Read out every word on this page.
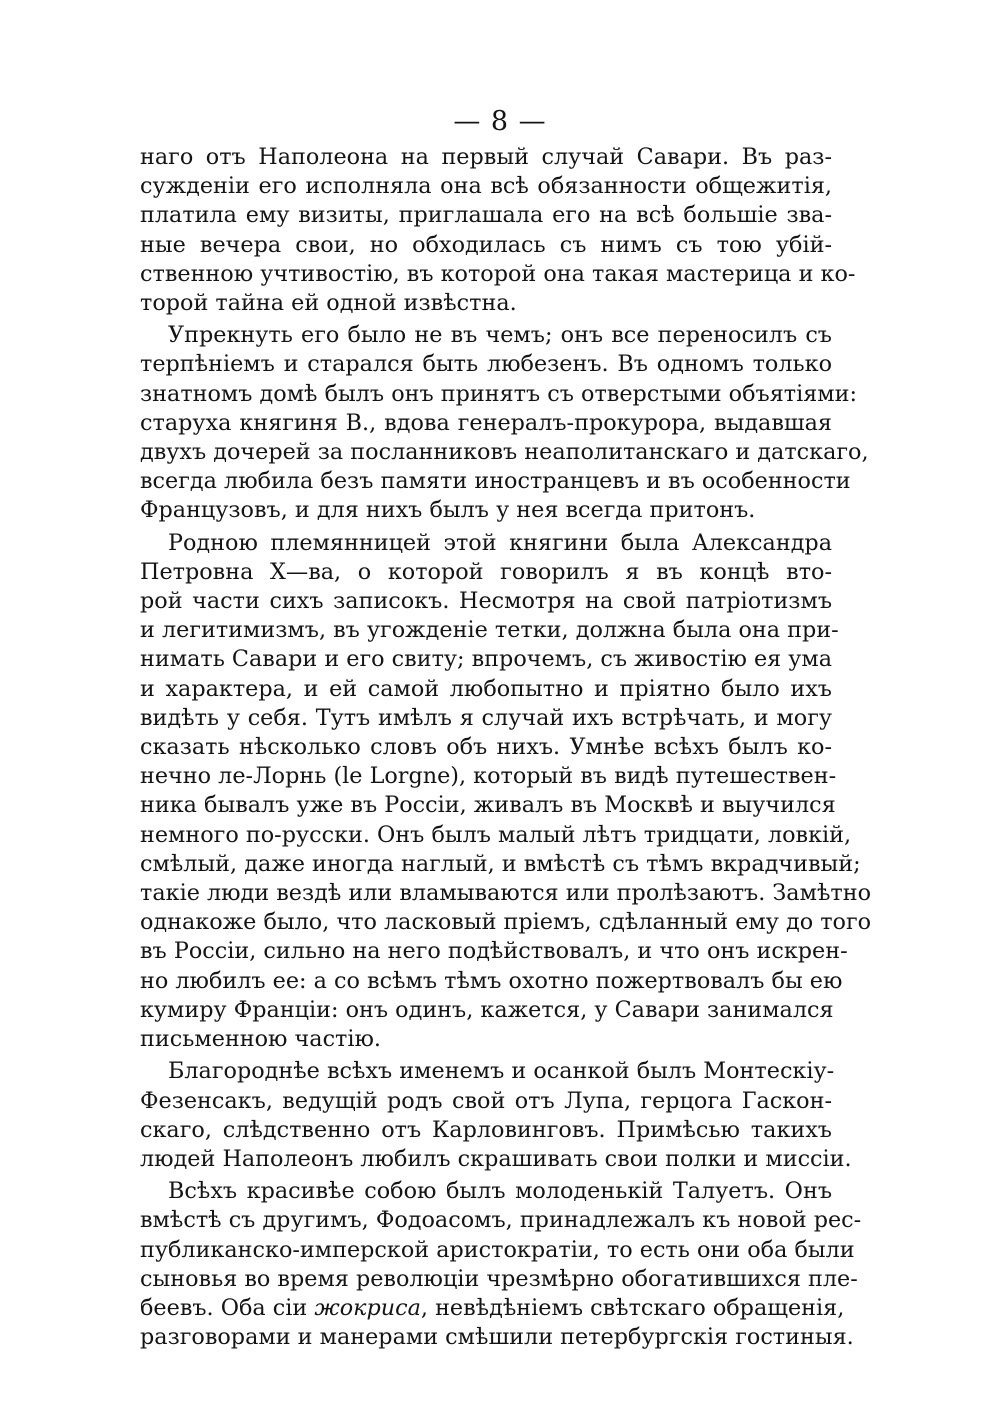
— 8 —

наго отъ Наполеона на первый случай Савари. Въ раз-
сужденіи его исполняла она всѣ обязанности общежитія,
платила ему визиты, приглашала его на всѣ большіе зва-
ные вечера свои, но обходилась съ нимъ съ тою убій-
ственною учтивостію, въ которой она такая мастерица и ко-
торой тайна ей одной извѣстна.

Упрекнуть его было не въ чемъ; онъ все переносилъ съ
терпѣніемъ и старался быть любезенъ. Въ одномъ только
знатномъ домѣ былъ онъ принятъ съ отверстыми объятіями:
старуха княгиня В., вдова генералъ-прокурора, выдавшая
двухъ дочерей за посланниковъ неаполитанскаго и датскаго,
всегда любила безъ памяти иностранцевъ и въ особенности
Французовъ, и для нихъ былъ у нея всегда притонъ.

Родною племянницей этой княгини была Александра
Петровна Х—ва, о которой говорилъ я въ концѣ вто-
рой части сихъ записокъ. Несмотря на свой патріотизмъ
и легитимизмъ, въ угожденіе тетки, должна была она при-
нимать Савари и его свиту; впрочемъ, съ живостію ея ума
и характера, и ей самой любопытно и пріятно было ихъ
видѣть у себя. Тутъ имѣлъ я случай ихъ встрѣчать, и могу
сказать нѣсколько словъ объ нихъ. Умнѣе всѣхъ былъ ко-
нечно ле-Лорнь (le Lorgne), который въ видѣ путешествен-
ника бывалъ уже въ Россіи, живалъ въ Москвѣ и выучился
немного по-русски. Онъ былъ малый лѣтъ тридцати, ловкій,
смѣлый, даже иногда наглый, и вмѣстѣ съ тѣмъ вкрадчивый;
такіе люди вездѣ или вламываются или пролѣзаютъ. Замѣтно
однакоже было, что ласковый пріемъ, сдѣланный ему до того
въ Россіи, сильно на него подѣйствовалъ, и что онъ искрен-
но любилъ ее: а со всѣмъ тѣмъ охотно пожертвовалъ бы ею
кумиру Франціи: онъ одинъ, кажется, у Савари занимался
письменною частію.

Благороднѣе всѣхъ именемъ и осанкой былъ Монтескіу-
Фезенсакъ, ведущій родъ свой отъ Лупа, герцога Гаскон-
скаго, слѣдственно отъ Карловинговъ. Примѣсью такихъ
людей Наполеонъ любилъ скрашивать свои полки и миссіи.

Всѣхъ красивѣе собою былъ молоденькій Талуетъ. Онъ
вмѣстѣ съ другимъ, Фодоасомъ, принадлежалъ къ новой рес-
публиканско-имперской аристократіи, то есть они оба были
сыновья во время революціи чрезмѣрно обогатившихся пле-
беевъ. Оба сіи жокриса, невѣдѣніемъ свѣтскаго обращенія,
разговорами и манерами смѣшили петербургскія гостиныя.
